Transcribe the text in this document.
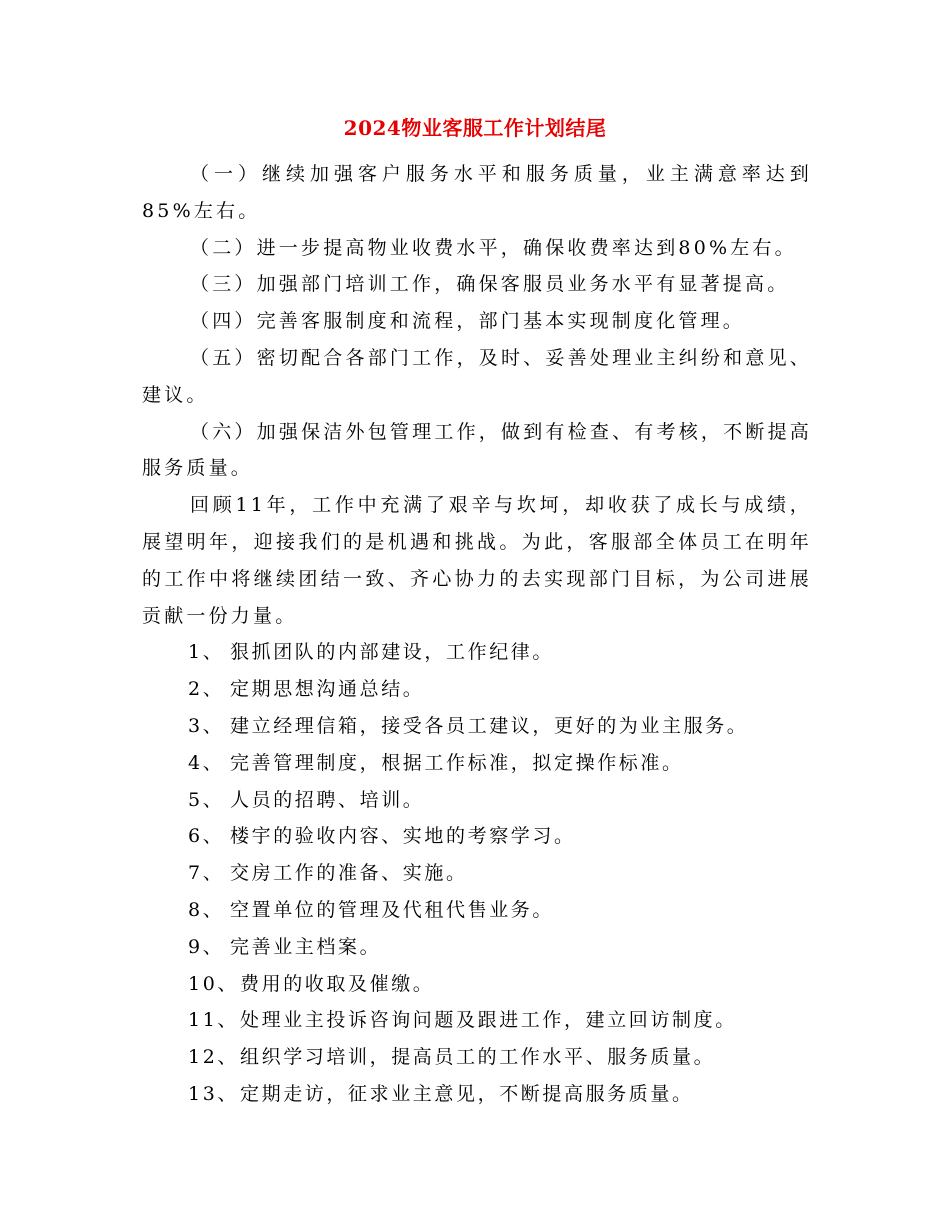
2024物业客服工作计划结尾

（一）继续加强客户服务水平和服务质量，业主满意率达到85%左右。

（二）进一步提高物业收费水平，确保收费率达到80%左右。

（三）加强部门培训工作，确保客服员业务水平有显著提高。

（四）完善客服制度和流程，部门基本实现制度化管理。

（五）密切配合各部门工作，及时、妥善处理业主纠纷和意见、建议。

（六）加强保洁外包管理工作，做到有检查、有考核，不断提高服务质量。

回顾11年，工作中充满了艰辛与坎坷，却收获了成长与成绩，展望明年，迎接我们的是机遇和挑战。为此，客服部全体员工在明年的工作中将继续团结一致、齐心协力的去实现部门目标，为公司进展贡献一份力量。

1、 狠抓团队的内部建设，工作纪律。
2、 定期思想沟通总结。
3、 建立经理信箱，接受各员工建议，更好的为业主服务。
4、 完善管理制度，根据工作标准，拟定操作标准。
5、 人员的招聘、培训。
6、 楼宇的验收内容、实地的考察学习。
7、 交房工作的准备、实施。
8、 空置单位的管理及代租代售业务。
9、 完善业主档案。
10、费用的收取及催缴。
11、处理业主投诉咨询问题及跟进工作，建立回访制度。
12、组织学习培训，提高员工的工作水平、服务质量。
13、定期走访，征求业主意见，不断提高服务质量。
